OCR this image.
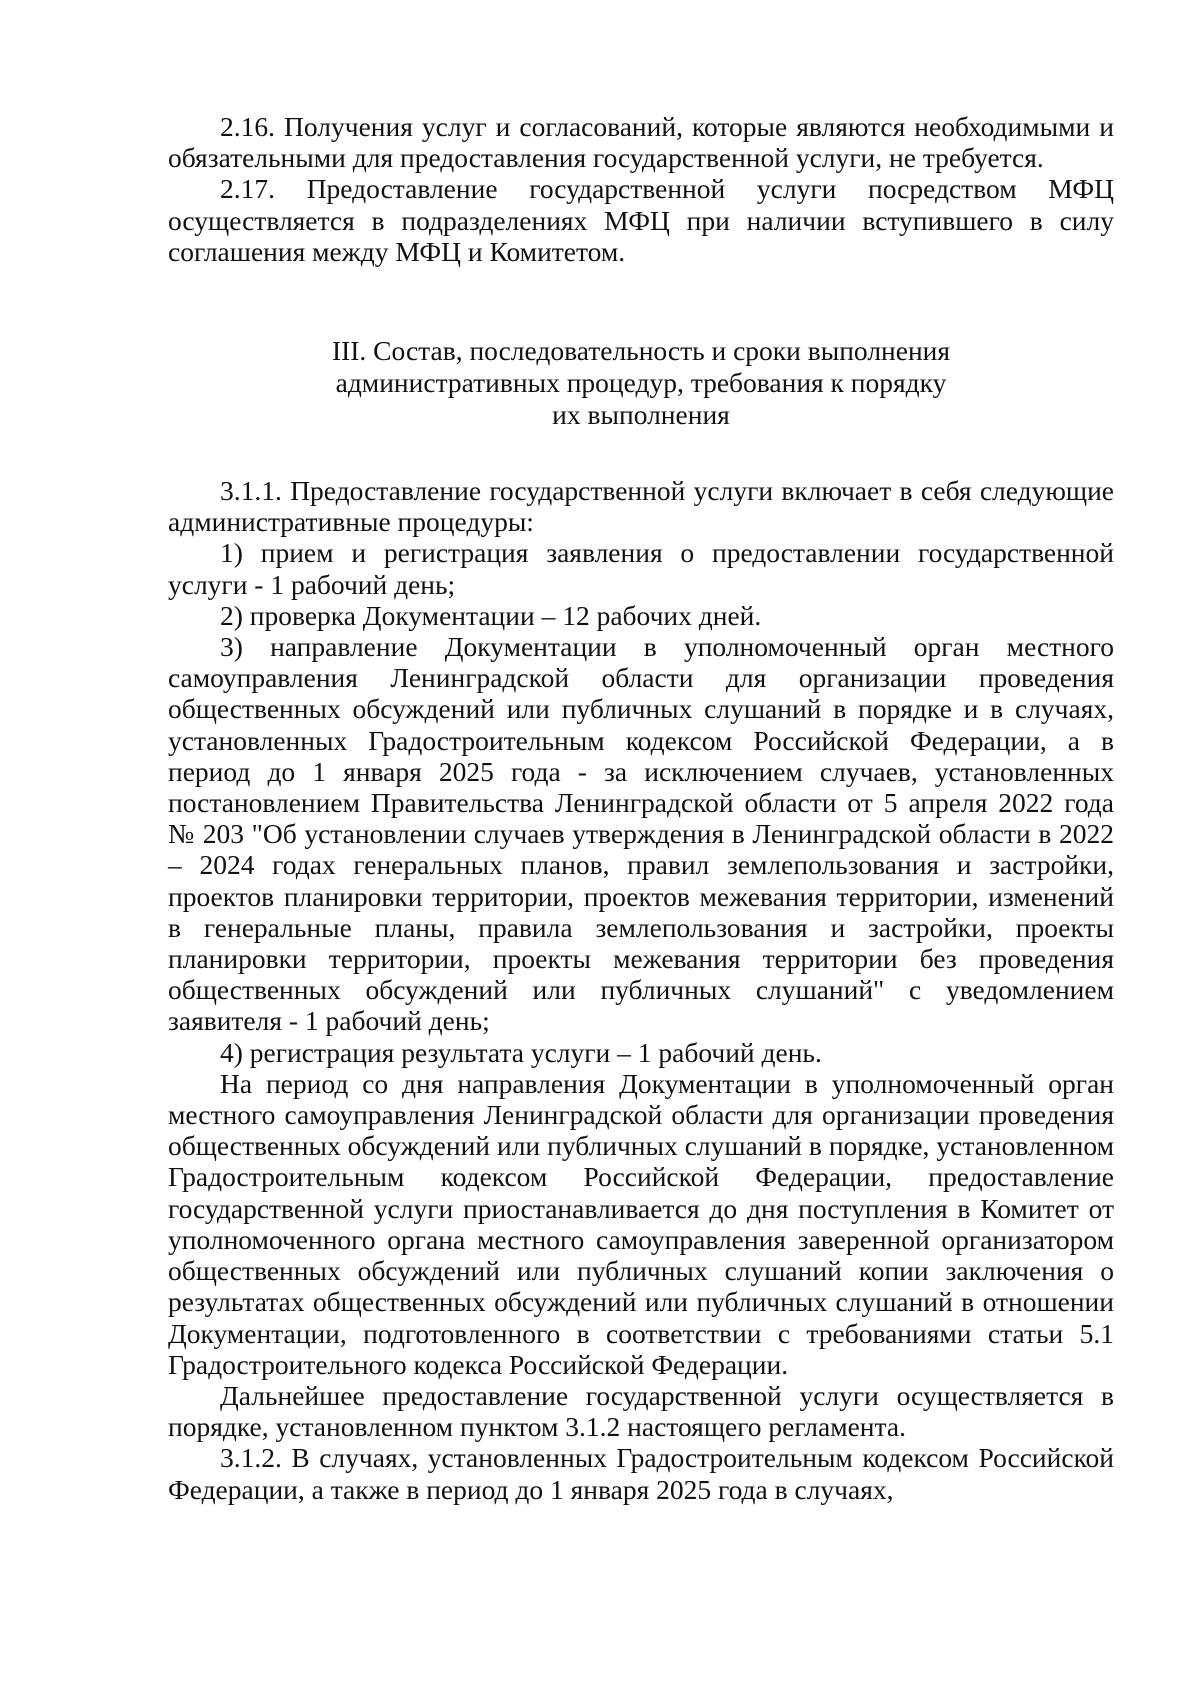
2.16. Получения услуг и согласований, которые являются необходимыми и обязательными для предоставления государственной услуги, не требуется.

2.17. Предоставление государственной услуги посредством МФЦ осуществляется в подразделениях МФЦ при наличии вступившего в силу соглашения между МФЦ и Комитетом.

III. Состав, последовательность и сроки выполнения
административных процедур, требования к порядку
их выполнения

3.1.1. Предоставление государственной услуги включает в себя следующие административные процедуры:

1) прием и регистрация заявления о предоставлении государственной услуги - 1 рабочий день;

2) проверка Документации – 12 рабочих дней.

3) направление Документации в уполномоченный орган местного самоуправления Ленинградской области для организации проведения общественных обсуждений или публичных слушаний в порядке и в случаях, установленных Градостроительным кодексом Российской Федерации, а в период до 1 января 2025 года - за исключением случаев, установленных постановлением Правительства Ленинградской области от 5 апреля 2022 года № 203 "Об установлении случаев утверждения в Ленинградской области в 2022 – 2024 годах генеральных планов, правил землепользования и застройки, проектов планировки территории, проектов межевания территории, изменений в генеральные планы, правила землепользования и застройки, проекты планировки территории, проекты межевания территории без проведения общественных обсуждений или публичных слушаний" с уведомлением заявителя - 1 рабочий день;

4) регистрация результата услуги – 1 рабочий день.

На период со дня направления Документации в уполномоченный орган местного самоуправления Ленинградской области для организации проведения общественных обсуждений или публичных слушаний в порядке, установленном Градостроительным кодексом Российской Федерации, предоставление государственной услуги приостанавливается до дня поступления в Комитет от уполномоченного органа местного самоуправления заверенной организатором общественных обсуждений или публичных слушаний копии заключения о результатах общественных обсуждений или публичных слушаний в отношении Документации, подготовленного в соответствии с требованиями статьи 5.1 Градостроительного кодекса Российской Федерации.

Дальнейшее предоставление государственной услуги осуществляется в порядке, установленном пунктом 3.1.2 настоящего регламента.

3.1.2. В случаях, установленных Градостроительным кодексом Российской Федерации, а также в период до 1 января 2025 года в случаях,
